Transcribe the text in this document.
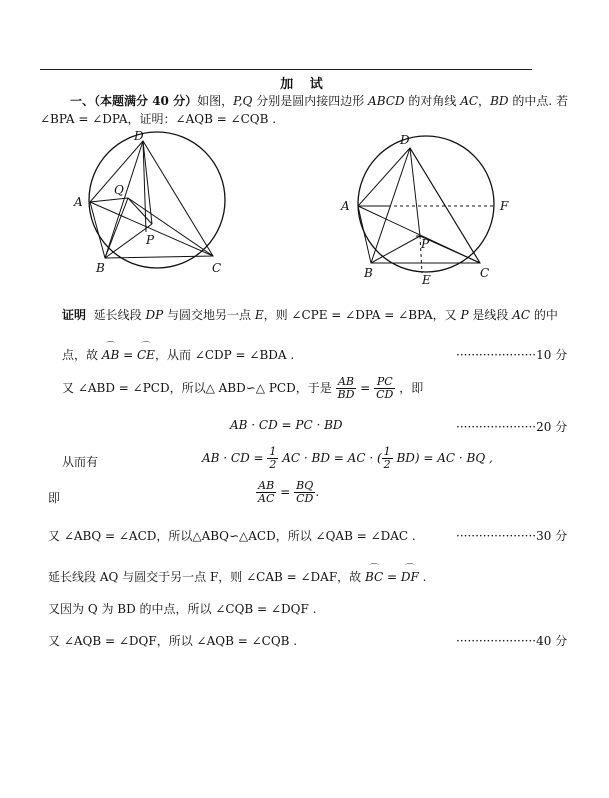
加 试
一、（本题满分 40 分）如图，P,Q 分别是圆内接四边形 ABCD 的对角线 AC，BD 的中点. 若
∠BPA = ∠DPA，证明：∠AQB = ∠CQB .
D
A
Q
P
B	C
D
A	F
P
B	E	C
证明 延长线段 DP 与圆交地另一点 E，则 ∠CPE = ∠DPA = ∠BPA，又 P 是线段 AC 的中
点，故 ⌒ AB = ⌒ CE，从而 ∠CDP = ∠BDA .	·····················10 分
又 ∠ABD = ∠PCD，所以△ ABD∽△ PCD，于是 $\frac{AB}{BD} = \frac{PC}{CD}$ ，即
AB · CD = PC · BD	·····················20 分
从而有	AB · CD = $\frac{1}{2}$ AC · BD = AC · ( $\frac{1}{2} BD$) = AC · BQ ,
即	$\frac{AB}{AC} = \frac{BQ}{CD}$ .
又 ∠ABQ = ∠ACD，所以△ABQ∽△ACD，所以 ∠QAB = ∠DAC .	·····················30 分
延长线段 AQ 与圆交于另一点 F，则 ∠CAB = ∠DAF，故 ⌒ BC = ⌒ DF .
又因为 Q 为 BD 的中点，所以 ∠CQB = ∠DQF .
又 ∠AQB = ∠DQF，所以 ∠AQB = ∠CQB .	·····················40 分
